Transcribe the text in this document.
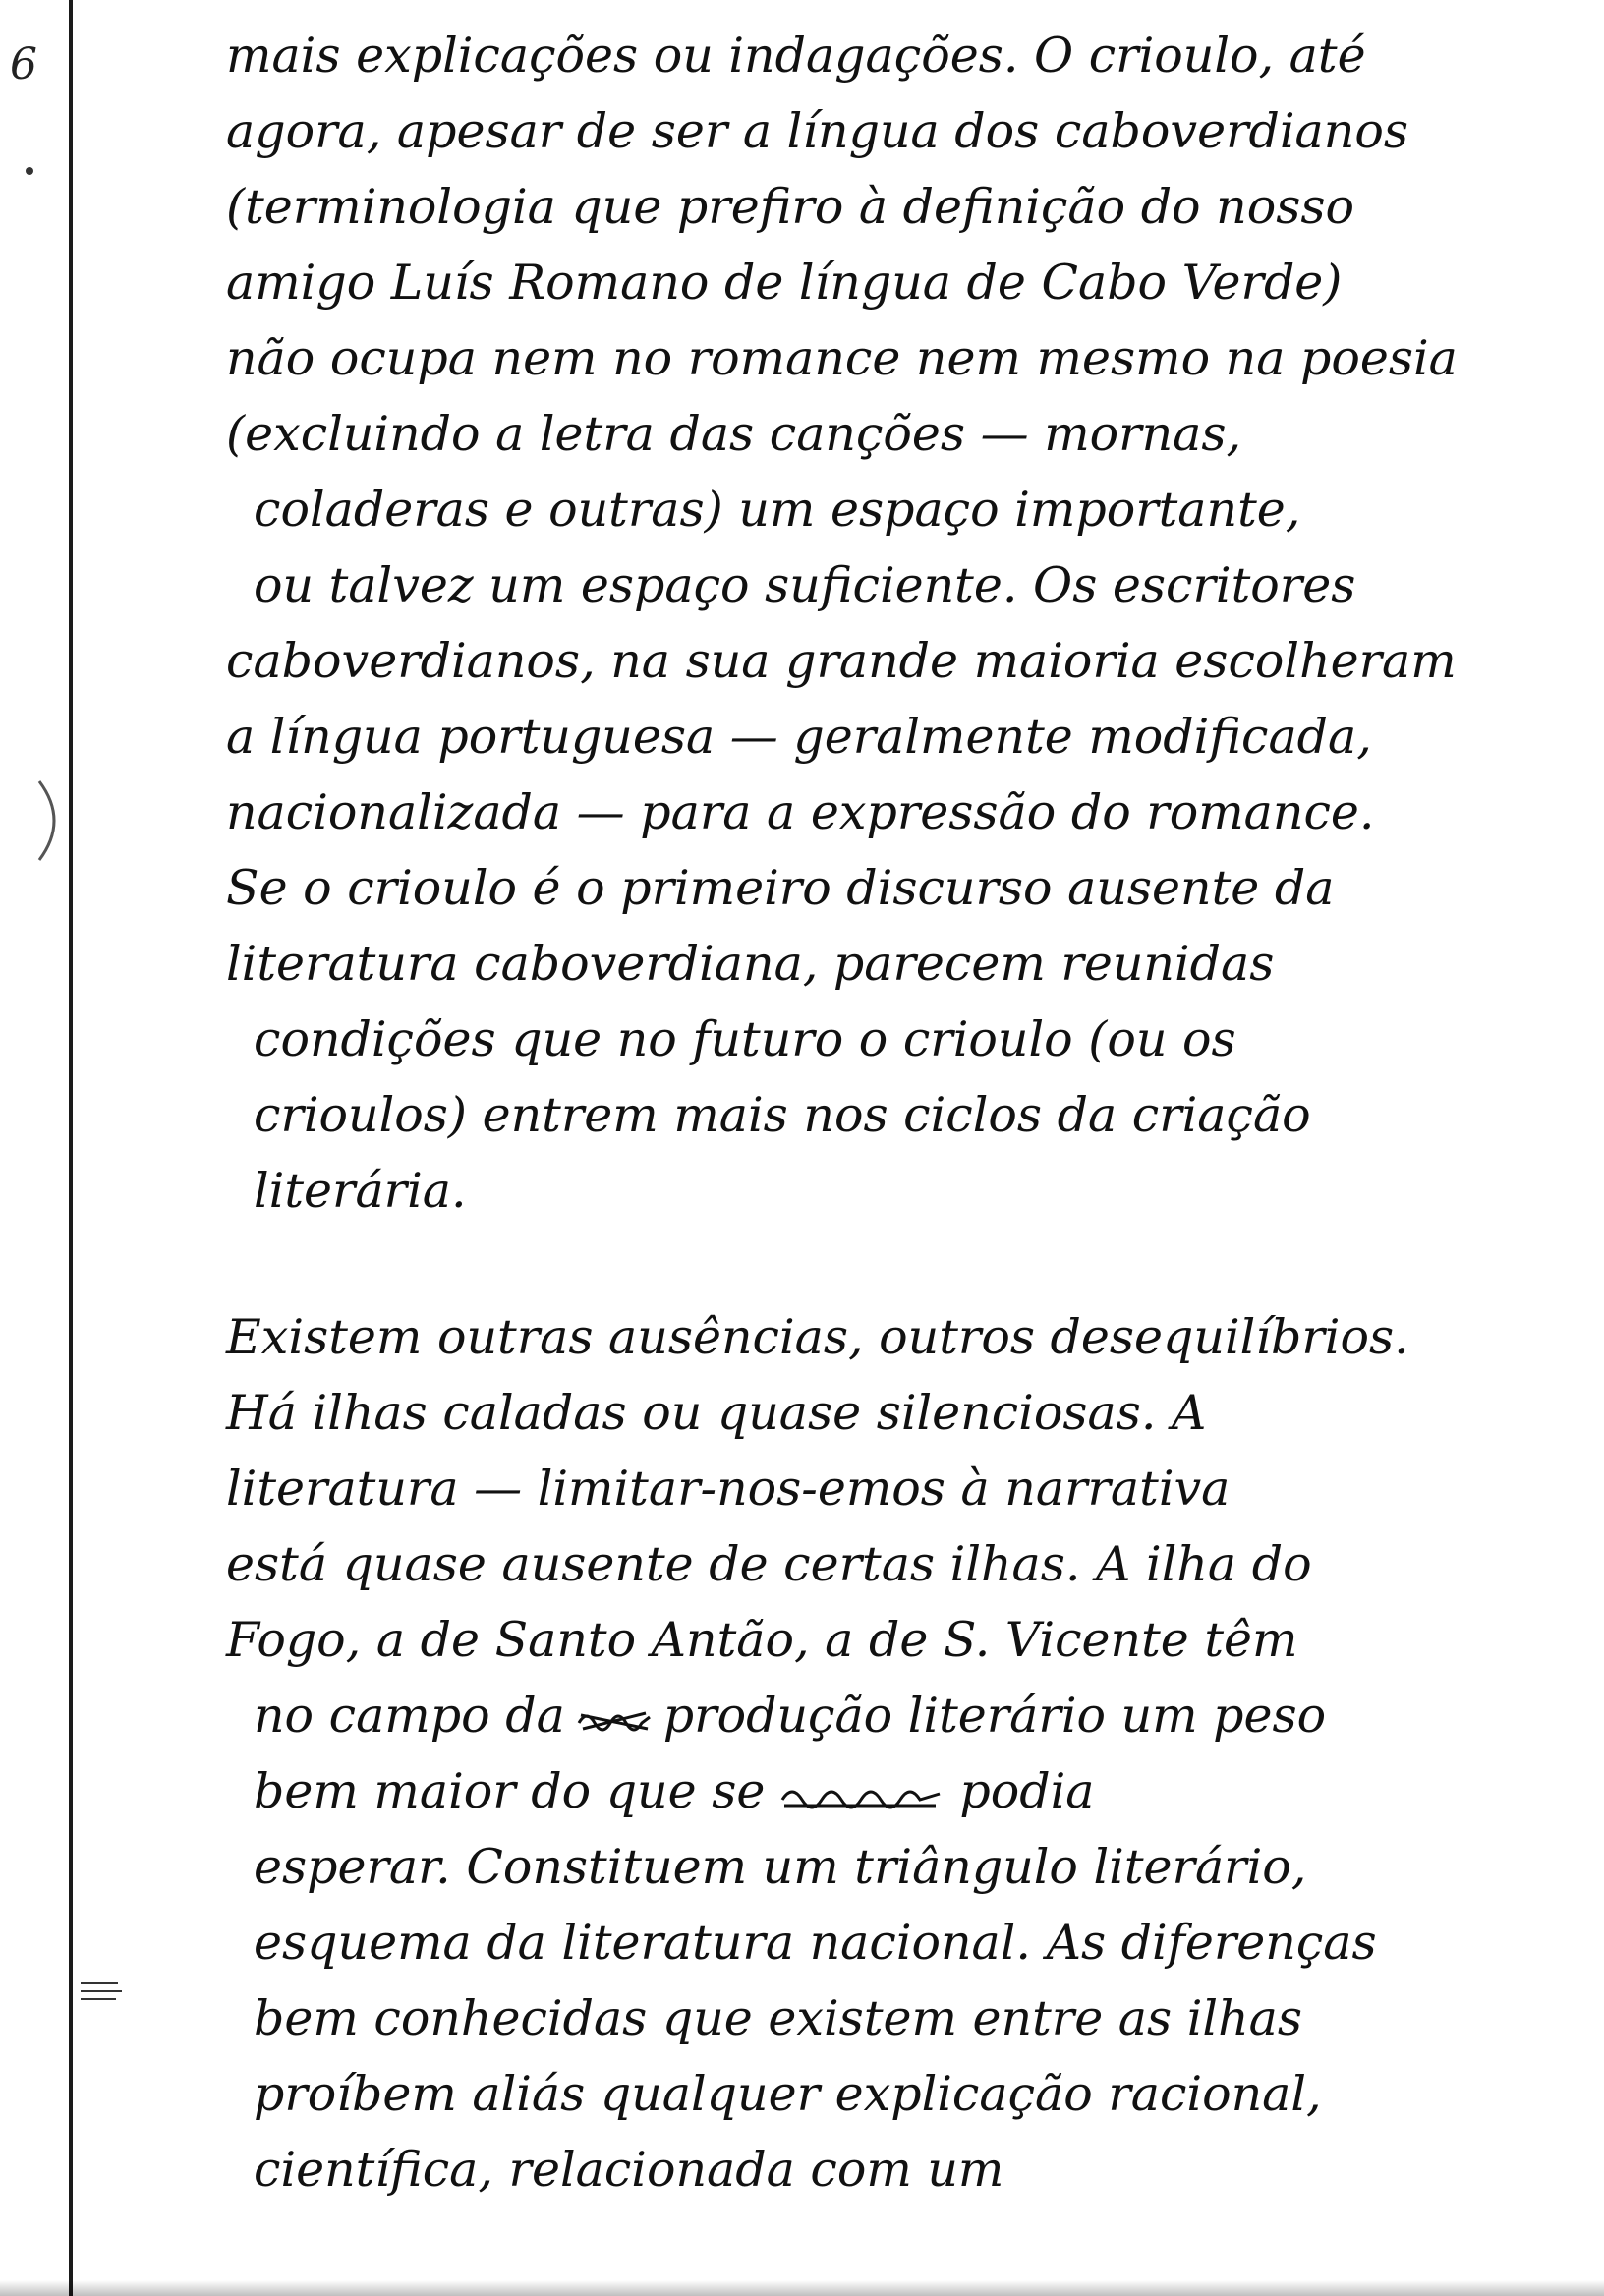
6	mais explicações ou indagações. O crioulo, até
agora, apesar de ser a língua dos caboverdianos
(terminologia que prefiro à definição do nosso
amigo Luís Romano de língua de Cabo Verde)
não ocupa nem no romance nem mesmo na poesia
(excluindo a letra das canções — mornas,
coladeras e outras) um espaço importante,
ou talvez um espaço suficiente. Os escritores
caboverdianos, na sua grande maioria escolheram
a língua portuguesa — geralmente modificada,
nacionalizada — para a expressão do romance.
Se o crioulo é o primeiro discurso ausente da
literatura caboverdiana, parecem reunidas
condições que no futuro o crioulo (ou os
crioulos) entrem mais nos ciclos da criação
literária.
Existem outras ausências, outros desequilíbrios.
Há ilhas caladas ou quase silenciosas. A
literatura — limitar-nos-emos à narrativa
está quase ausente de certas ilhas. A ilha do
Fogo, a de Santo Antão, a de S. Vicente têm
no campo da produção literário um peso
bem maior do que se	podia
esperar. Constituem um triângulo literário,
esquema da literatura nacional. As diferenças
bem conhecidas que existem entre as ilhas
proíbem aliás qualquer explicação racional,
científica, relacionada com um
